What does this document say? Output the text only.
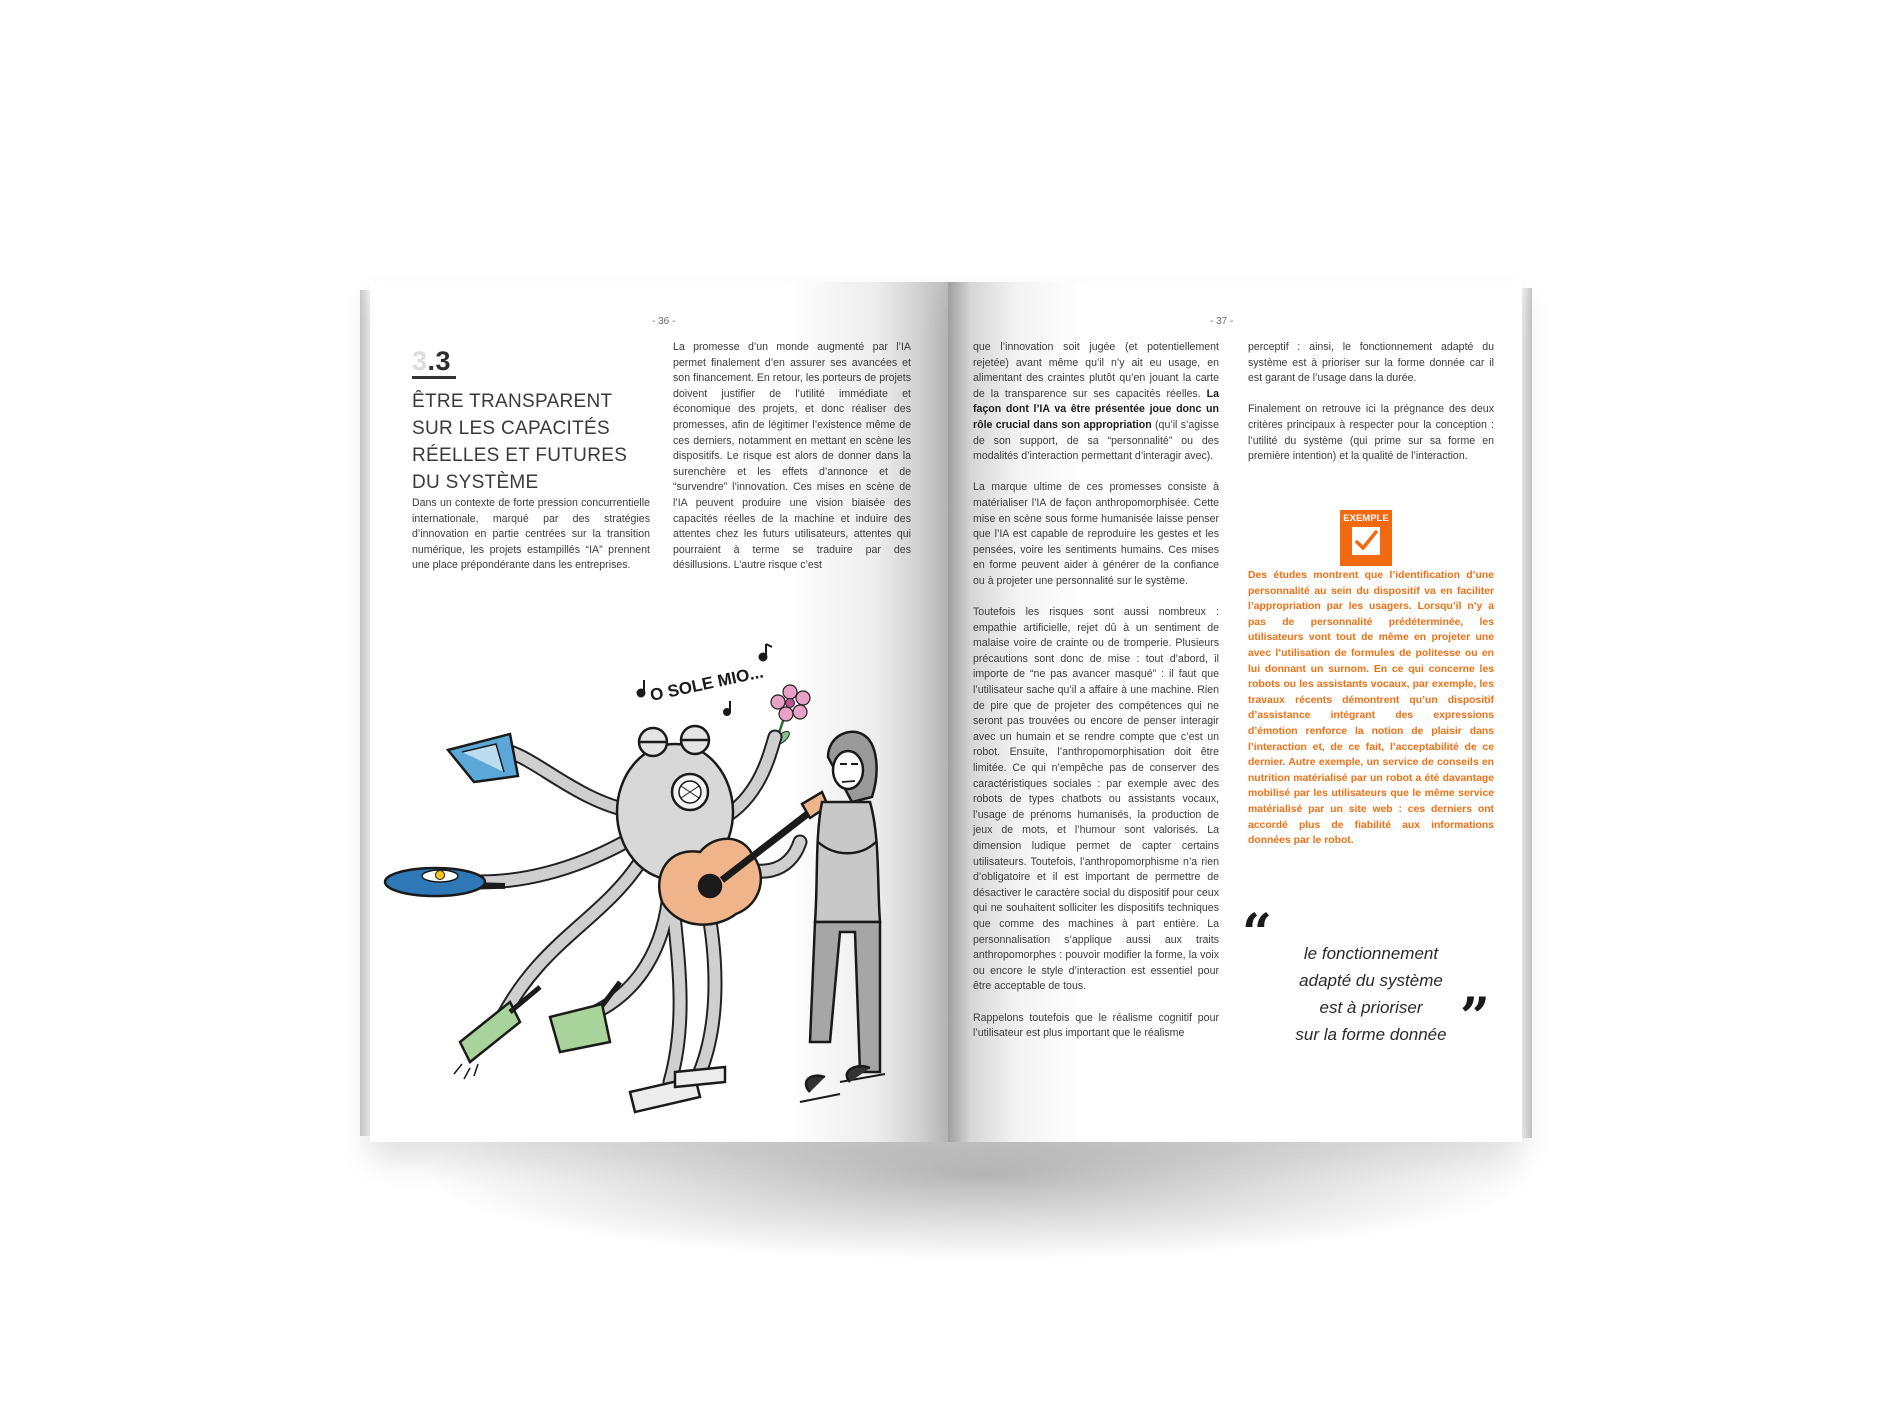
- 36 -
3.3
ÊTRE TRANSPARENT SUR LES CAPACITÉS RÉELLES ET FUTURES DU SYSTÈME

Dans un contexte de forte pression concurrentielle internationale, marqué par des stratégies d’innovation en partie centrées sur la transition numérique, les projets estampillés “IA” prennent une place prépondérante dans les entreprises.

La promesse d’un monde augmenté par l’IA permet finalement d’en assurer ses avancées et son financement. En retour, les porteurs de projets doivent justifier de l’utilité immédiate et économique des projets, et donc réaliser des promesses, afin de légitimer l’existence même de ces derniers, notamment en mettant en scène les dispositifs. Le risque est alors de donner dans la surenchère et les effets d’annonce et de “survendre” l’innovation. Ces mises en scène de l’IA peuvent produire une vision biaisée des capacités réelles de la machine et induire des attentes chez les futurs utilisateurs, attentes qui pourraient à terme se traduire par des désillusions. L’autre risque c’est

O SOLE MIO...
- 37 -

que l’innovation soit jugée (et potentiellement rejetée) avant même qu’il n’y ait eu usage, en alimentant des craintes plutôt qu’en jouant la carte de la transparence sur ses capacités réelles. La façon dont l’IA va être présentée joue donc un rôle crucial dans son appropriation (qu’il s’agisse de son support, de sa “personnalité” ou des modalités d’interaction permettant d’interagir avec).

La marque ultime de ces promesses consiste à matérialiser l’IA de façon anthropomorphisée. Cette mise en scène sous forme humanisée laisse penser que l’IA est capable de reproduire les gestes et les pensées, voire les sentiments humains. Ces mises en forme peuvent aider à générer de la confiance ou à projeter une personnalité sur le système.

Toutefois les risques sont aussi nombreux : empathie artificielle, rejet dû à un sentiment de malaise voire de crainte ou de tromperie. Plusieurs précautions sont donc de mise : tout d’abord, il importe de “ne pas avancer masqué” : il faut que l’utilisateur sache qu’il a affaire à une machine. Rien de pire que de projeter des compétences qui ne seront pas trouvées ou encore de penser interagir avec un humain et se rendre compte que c’est un robot. Ensuite, l’anthropomorphisation doit être limitée. Ce qui n’empêche pas de conserver des caractéristiques sociales : par exemple avec des robots de types chatbots ou assistants vocaux, l’usage de prénoms humanisés, la production de jeux de mots, et l’humour sont valorisés. La dimension ludique permet de capter certains utilisateurs. Toutefois, l’anthropomorphisme n’a rien d’obligatoire et il est important de permettre de désactiver le caractère social du dispositif pour ceux qui ne souhaitent solliciter les dispositifs techniques que comme des machines à part entière. La personnalisation s’applique aussi aux traits anthropomorphes : pouvoir modifier la forme, la voix ou encore le style d’interaction est essentiel pour être acceptable de tous.

Rappelons toutefois que le réalisme cognitif pour l’utilisateur est plus important que le réalisme

perceptif : ainsi, le fonctionnement adapté du système est à prioriser sur la forme donnée car il est garant de l’usage dans la durée.

Finalement on retrouve ici la prégnance des deux critères principaux à respecter pour la conception : l’utilité du système (qui prime sur sa forme en première intention) et la qualité de l’interaction.

EXEMPLE

Des études montrent que l’identification d’une personnalité au sein du dispositif va en faciliter l’appropriation par les usagers. Lorsqu’il n’y a pas de personnalité prédéterminée, les utilisateurs vont tout de même en projeter une avec l’utilisation de formules de politesse ou en lui donnant un surnom. En ce qui concerne les robots ou les assistants vocaux, par exemple, les travaux récents démontrent qu’un dispositif d’assistance intégrant des expressions d’émotion renforce la notion de plaisir dans l’interaction et, de ce fait, l’acceptabilité de ce dernier. Autre exemple, un service de conseils en nutrition matérialisé par un robot a été davantage mobilisé par les utilisateurs que le même service matérialisé par un site web : ces derniers ont accordé plus de fiabilité aux informations données par le robot.

“	le fonctionnement
adapté du système
est à prioriser
sur la forme donnée ”
